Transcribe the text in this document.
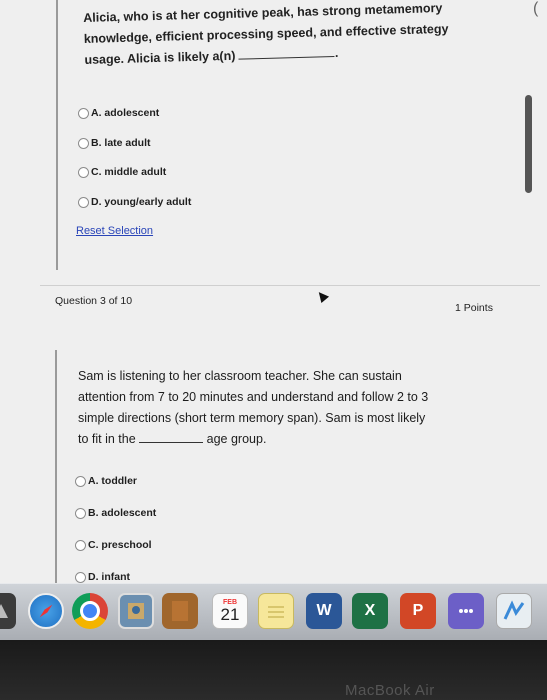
(
Alicia, who is at her cognitive peak, has strong metamemory
knowledge, efficient processing speed, and effective strategy
usage. Alicia is likely a(n)	.
A. adolescent
B. late adult
C. middle adult
D. young/early adult
Reset Selection
Question 3 of 10
1 Points
Sam is listening to her classroom teacher. She can sustain
attention from 7 to 20 minutes and understand and follow 2 to 3
simple directions (short term memory span). Sam is most likely
to fit in the	age group.
A. toddler
B. adolescent
C. preschool
D. infant
FEB
21	W X P
MacBook Air
